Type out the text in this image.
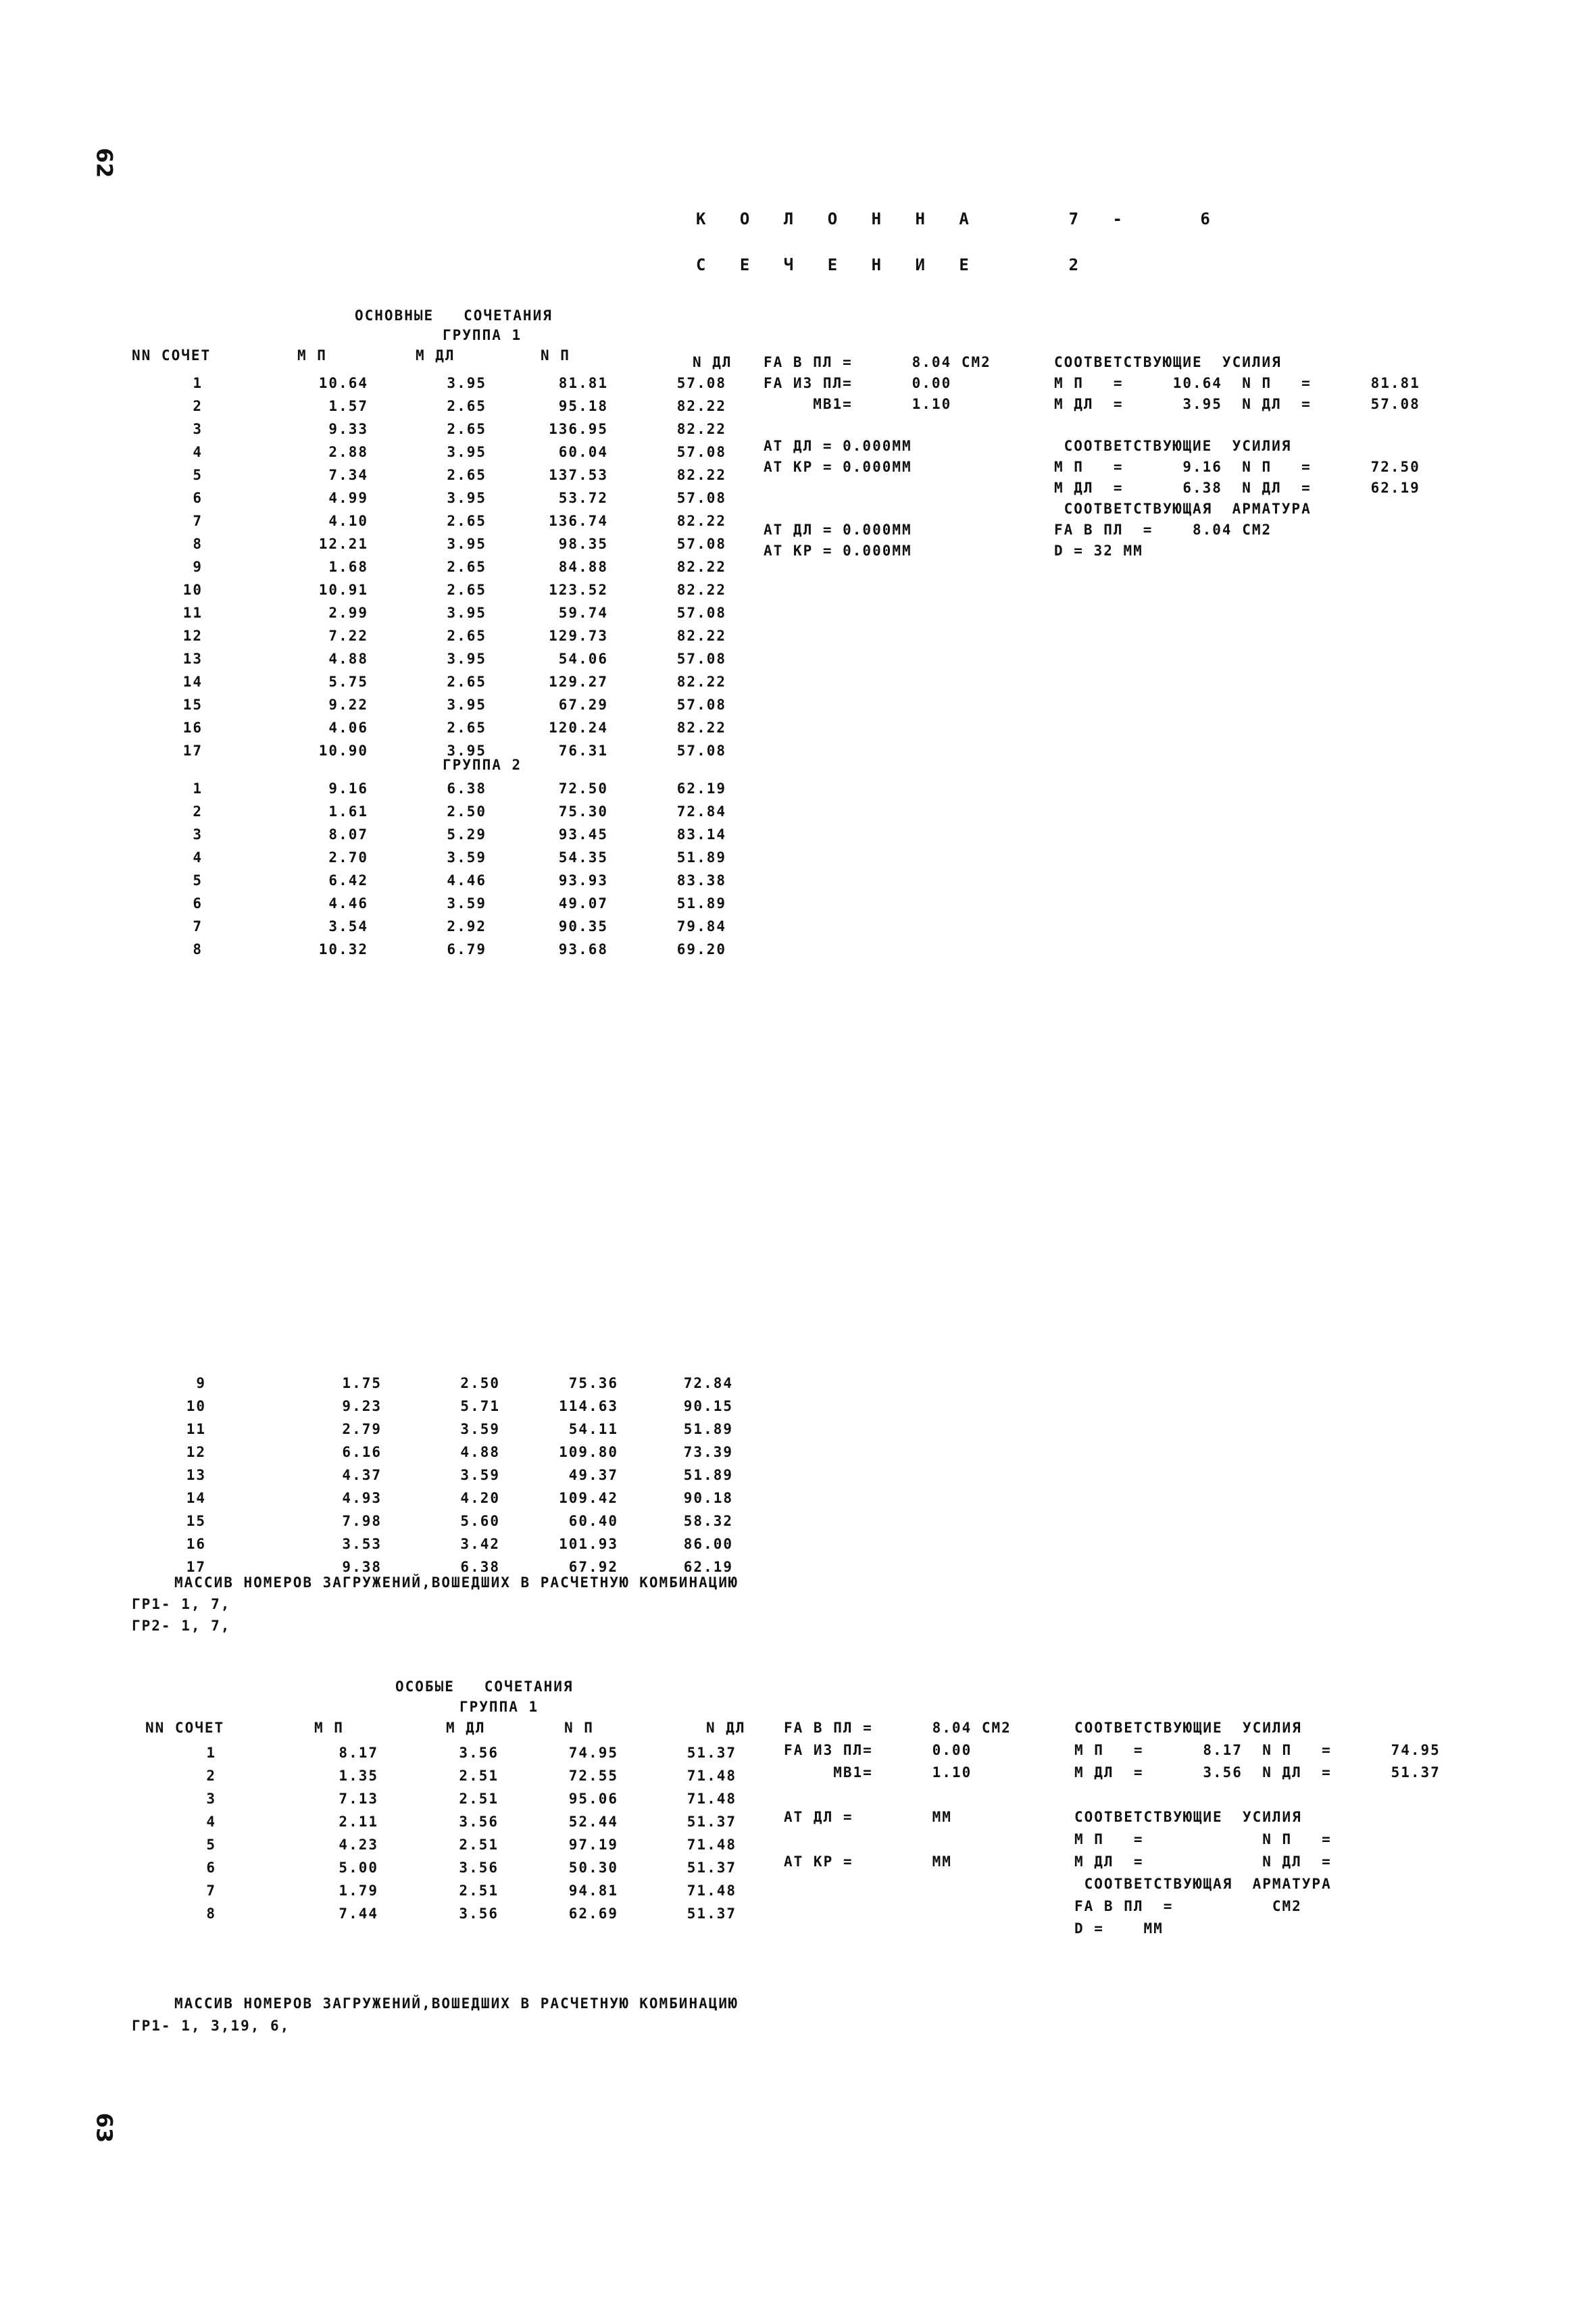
62
63
К О Л О Н Н А    7 -   6
С Е Ч Е Н И Е    2
ОСНОВНЫЕ   СОЧЕТАНИЯ
ГРУППА 1
NN СОЧЕТ	М П	М ДЛ	N П	N ДЛ
1	10.64	3.95	81.81	57.08
2	1.57	2.65	95.18	82.22
3	9.33	2.65	136.95	82.22
4	2.88	3.95	60.04	57.08
5	7.34	2.65	137.53	82.22
6	4.99	3.95	53.72	57.08
7	4.10	2.65	136.74	82.22
8	12.21	3.95	98.35	57.08
9	1.68	2.65	84.88	82.22
10	10.91	2.65	123.52	82.22
11	2.99	3.95	59.74	57.08
12	7.22	2.65	129.73	82.22
13	4.88	3.95	54.06	57.08
14	5.75	2.65	129.27	82.22
15	9.22	3.95	67.29	57.08
16	4.06	2.65	120.24	82.22
17	10.90	3.95	76.31	57.08
ГРУППА 2
1	9.16	6.38	72.50	62.19
2	1.61	2.50	75.30	72.84
3	8.07	5.29	93.45	83.14
4	2.70	3.59	54.35	51.89
5	6.42	4.46	93.93	83.38
6	4.46	3.59	49.07	51.89
7	3.54	2.92	90.35	79.84
8	10.32	6.79	93.68	69.20
9	1.75	2.50	75.36	72.84
10	9.23	5.71	114.63	90.15
11	2.79	3.59	54.11	51.89
12	6.16	4.88	109.80	73.39
13	4.37	3.59	49.37	51.89
14	4.93	4.20	109.42	90.18
15	7.98	5.60	60.40	58.32
16	3.53	3.42	101.93	86.00
17	9.38	6.38	67.92	62.19
FA В ПЛ =      8.04 СМ2
FA ИЗ ПЛ=      0.00
МВ1=      1.10
АТ ДЛ = 0.000ММ
АТ КР = 0.000ММ
АТ ДЛ = 0.000ММ
АТ КР = 0.000ММ
СООТВЕТСТВУЮЩИЕ  УСИЛИЯ
М П   =     10.64  N П   =      81.81
М ДЛ  =      3.95  N ДЛ  =      57.08
СООТВЕТСТВУЮЩИЕ  УСИЛИЯ
М П   =      9.16  N П   =      72.50
М ДЛ  =      6.38  N ДЛ  =      62.19
СООТВЕТСТВУЮЩАЯ  АРМАТУРА
FA В ПЛ  =    8.04 СМ2
D = 32 ММ
МАССИВ НОМЕРОВ ЗАГРУЖЕНИЙ,ВОШЕДШИХ В РАСЧЕТНУЮ КОМБИНАЦИЮ
ГР1- 1, 7,
ГР2- 1, 7,
ОСОБЫЕ   СОЧЕТАНИЯ
ГРУППА 1
NN СОЧЕТ	М П	М ДЛ	N П	N ДЛ
1	8.17	3.56	74.95	51.37
2	1.35	2.51	72.55	71.48
3	7.13	2.51	95.06	71.48
4	2.11	3.56	52.44	51.37
5	4.23	2.51	97.19	71.48
6	5.00	3.56	50.30	51.37
7	1.79	2.51	94.81	71.48
8	7.44	3.56	62.69	51.37
FA В ПЛ =      8.04 СМ2
FA ИЗ ПЛ=      0.00
МВ1=      1.10
АТ ДЛ =        ММ
АТ КР =        ММ
СООТВЕТСТВУЮЩИЕ  УСИЛИЯ
М П   =      8.17  N П   =      74.95
М ДЛ  =      3.56  N ДЛ  =      51.37
СООТВЕТСТВУЮЩИЕ  УСИЛИЯ
М П   =            N П   =
М ДЛ  =            N ДЛ  =
СООТВЕТСТВУЮЩАЯ  АРМАТУРА
FA В ПЛ  =          СМ2
D =    ММ
МАССИВ НОМЕРОВ ЗАГРУЖЕНИЙ,ВОШЕДШИХ В РАСЧЕТНУЮ КОМБИНАЦИЮ
ГР1- 1, 3,19, 6,
